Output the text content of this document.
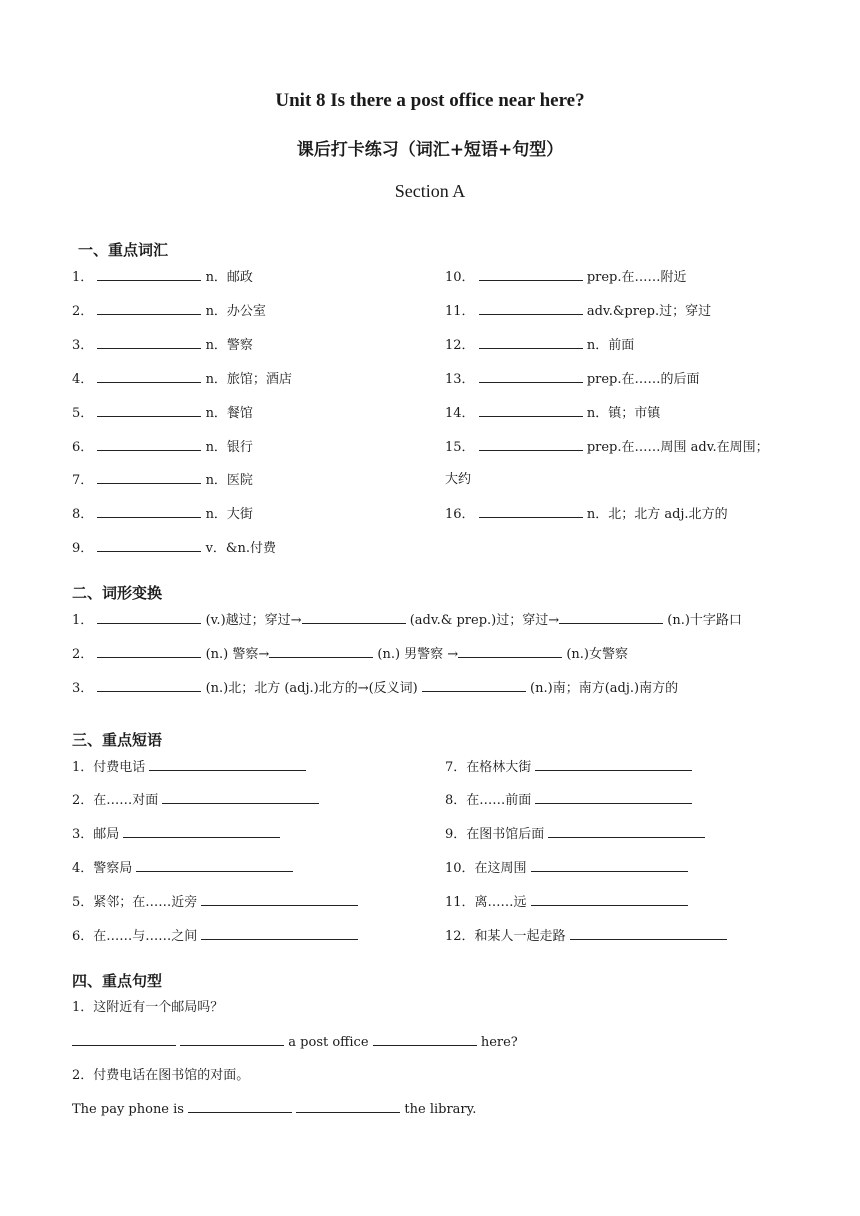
Unit 8 Is there a post office near here?
课后打卡练习（词汇+短语+句型）
Section A
一、重点词汇
1．	n．邮政
2．	n．办公室
3．	n．警察
4．	n．旅馆；酒店
5．	n．餐馆
6．	n．银行
7．	n．医院
8．	n．大街
9．	v．&n.付费
10．	prep.在……附近
11．	adv.&prep.过；穿过
12．	n．前面
13．	prep.在……的后面
14．	n．镇；市镇
15．	prep.在……周围 adv.在周围；
大约
16．	n．北；北方 adj.北方的
二、词形变换
1．	(v.)越过；穿过→	(adv.& prep.)过；穿过→	(n.)十字路口
2．	(n.) 警察→	(n.) 男警察 →	(n.)女警察
3．	(n.)北；北方 (adj.)北方的→(反义词)	(n.)南；南方(adj.)南方的
三、重点短语
1．付费电话
2．在……对面
3．邮局
4．警察局
5．紧邻；在……近旁
6．在……与……之间
7．在格林大街
8．在……前面
9．在图书馆后面
10．在这周围
11．离……远
12．和某人一起走路
四、重点句型
1．这附近有一个邮局吗？
a post office	here?
2．付费电话在图书馆的对面。
The pay phone is	the library.
